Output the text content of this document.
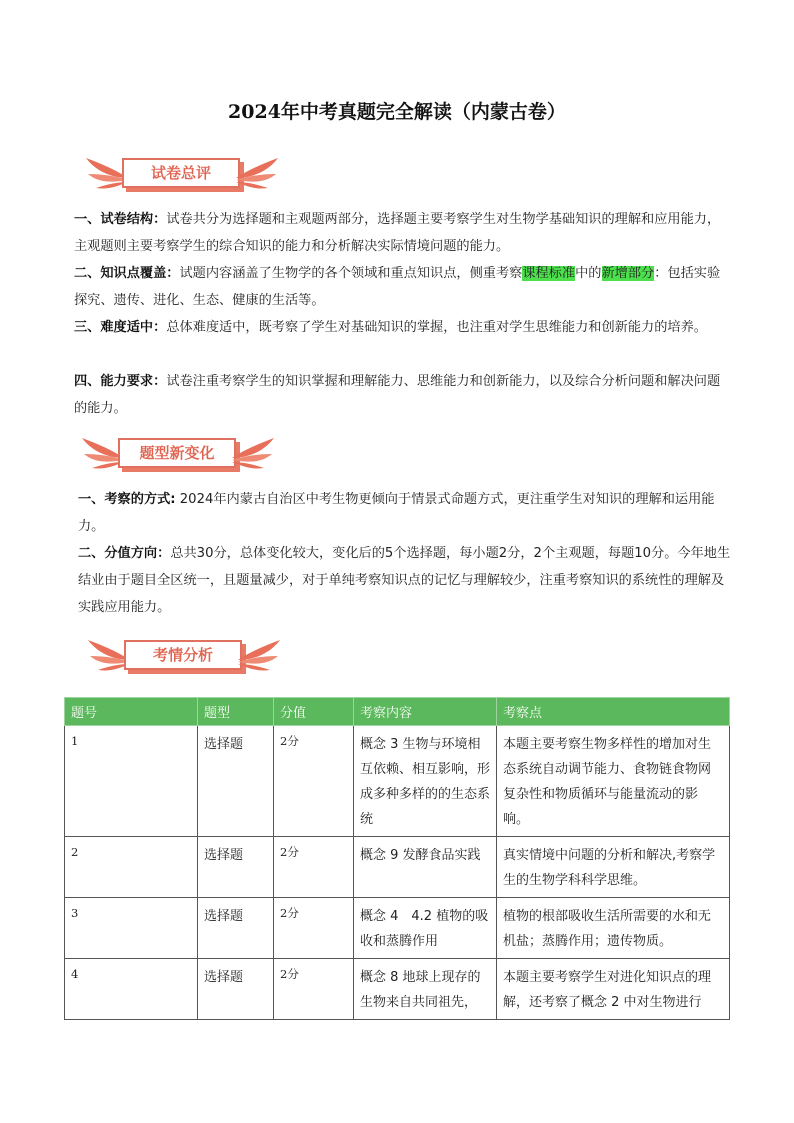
2024年中考真题完全解读（内蒙古卷）
试卷总评
一、试卷结构：试卷共分为选择题和主观题两部分，选择题主要考察学生对生物学基础知识的理解和应用能力，主观题则主要考察学生的综合知识的能力和分析解决实际情境问题的能力。
二、知识点覆盖：试题内容涵盖了生物学的各个领域和重点知识点，侧重考察课程标准中的新增部分：包括实验探究、遗传、进化、生态、健康的生活等。
三、难度适中：总体难度适中，既考察了学生对基础知识的掌握，也注重对学生思维能力和创新能力的培养。
四、能力要求：试卷注重考察学生的知识掌握和理解能力、思维能力和创新能力，以及综合分析问题和解决问题的能力。
题型新变化
一、考察的方式: 2024年内蒙古自治区中考生物更倾向于情景式命题方式，更注重学生对知识的理解和运用能力。
二、分值方向：总共30分，总体变化较大，变化后的5个选择题，每小题2分，2个主观题，每题10分。今年地生结业由于题目全区统一，且题量减少，对于单纯考察知识点的记忆与理解较少，注重考察知识的系统性的理解及实践应用能力。
考情分析
题号	题型	分值	考察内容	考察点
1	选择题	2分	概念 3 生物与环境相互依赖、相互影响，形成多种多样的的生态系统	本题主要考察生物多样性的增加对生态系统自动调节能力、食物链食物网复杂性和物质循环与能量流动的影响。
2	选择题	2分	概念 9 发酵食品实践	真实情境中问题的分析和解决,考察学生的生物学科科学思维。
3	选择题	2分	概念 4　4.2 植物的吸收和蒸腾作用	植物的根部吸收生活所需要的水和无机盐；蒸腾作用；遗传物质。
4	选择题	2分	概念 8 地球上现存的生物来自共同祖先，	本题主要考察学生对进化知识点的理解，还考察了概念 2 中对生物进行
